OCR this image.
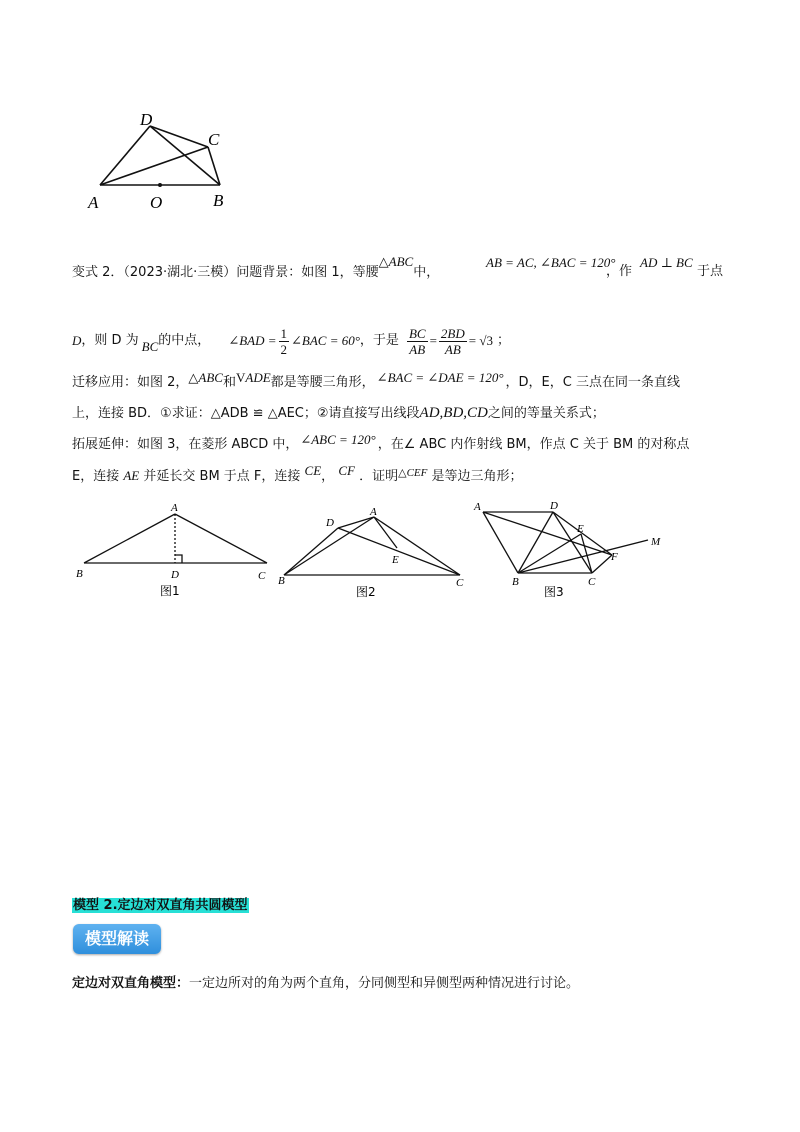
A	O	B
C
D
变式 2．（2023·湖北·三模）问题背景：如图 1，等腰△ABC中，
AB = AC, ∠BAC = 120°
，作
AD ⊥ BC
于点
D ，则 D 为 BC 的中点， ∠BAD = $\frac{1}{2}$ ∠BAC = 60° ，于是 $\frac{BC}{AB} = \frac{2BD}{AB} = √3$ ；
迁移应用：如图 2，△ABC和VADE都是等腰三角形， ∠BAC = ∠DAE = 120° ，D，E，C 三点在同一条直线
上，连接 BD．①求证：△ADB ≌ △AEC；②请直接写出线段AD,BD,CD之间的等量关系式；
拓展延伸：如图 3，在菱形 ABCD 中， ∠ABC = 120° ，在∠ ABC 内作射线 BM，作点 C 关于 BM 的对称点
E，连接 AE 并延长交 BM 于点 F，连接 CE， CF ．证明$^{\triangle CEF}$ 是等边三角形；
A
B	C
D
图1
A
D
E
B	C
图2
A	D
E
F
M
B	C
图3
模型 2.定边对双直角共圆模型
模型解读
定边对双直角模型：一定边所对的角为两个直角，分同侧型和异侧型两种情况进行讨论。
